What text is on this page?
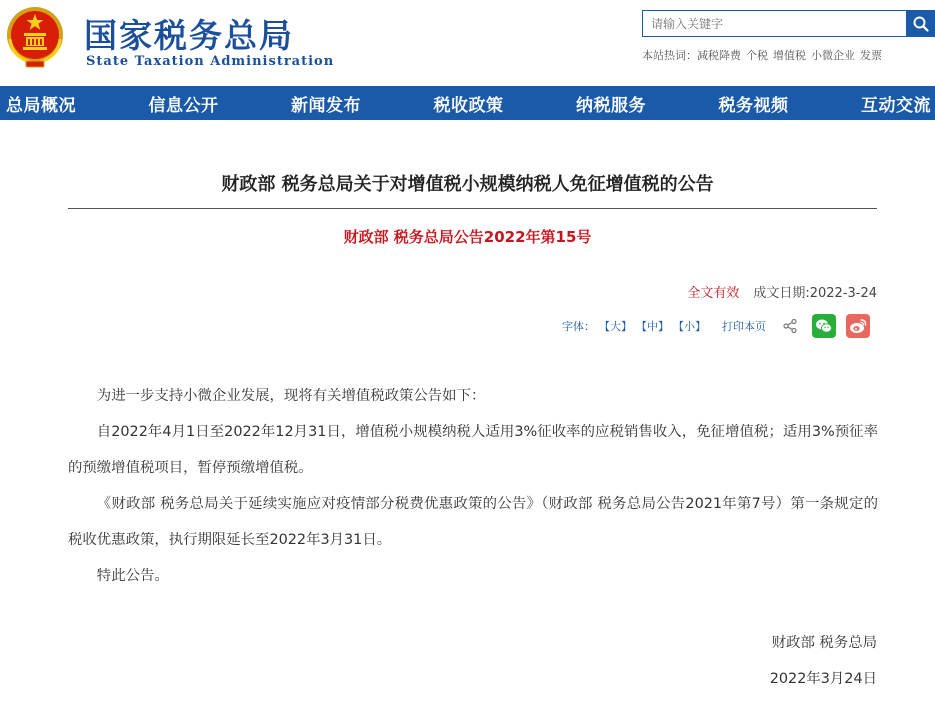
国家税务总局
State Taxation Administration
请输入关键字	本站热词：减税降费 个税 增值税 小微企业 发票
总局概况	信息公开	新闻发布	税收政策	纳税服务	税务视频	互动交流
财政部 税务总局关于对增值税小规模纳税人免征增值税的公告
财政部 税务总局公告2022年第15号
全文有效 成文日期:2022-3-24
字体： 【大】 【中】 【小】 打印本页

为进一步支持小微企业发展，现将有关增值税政策公告如下：

自2022年4月1日至2022年12月31日，增值税小规模纳税人适用3%征收率的应税销售收入，免征增值税；适用3%预征率的预缴增值税项目，暂停预缴增值税。

《财政部 税务总局关于延续实施应对疫情部分税费优惠政策的公告》（财政部 税务总局公告2021年第7号）第一条规定的税收优惠政策，执行期限延长至2022年3月31日。

特此公告。

财政部 税务总局
2022年3月24日
